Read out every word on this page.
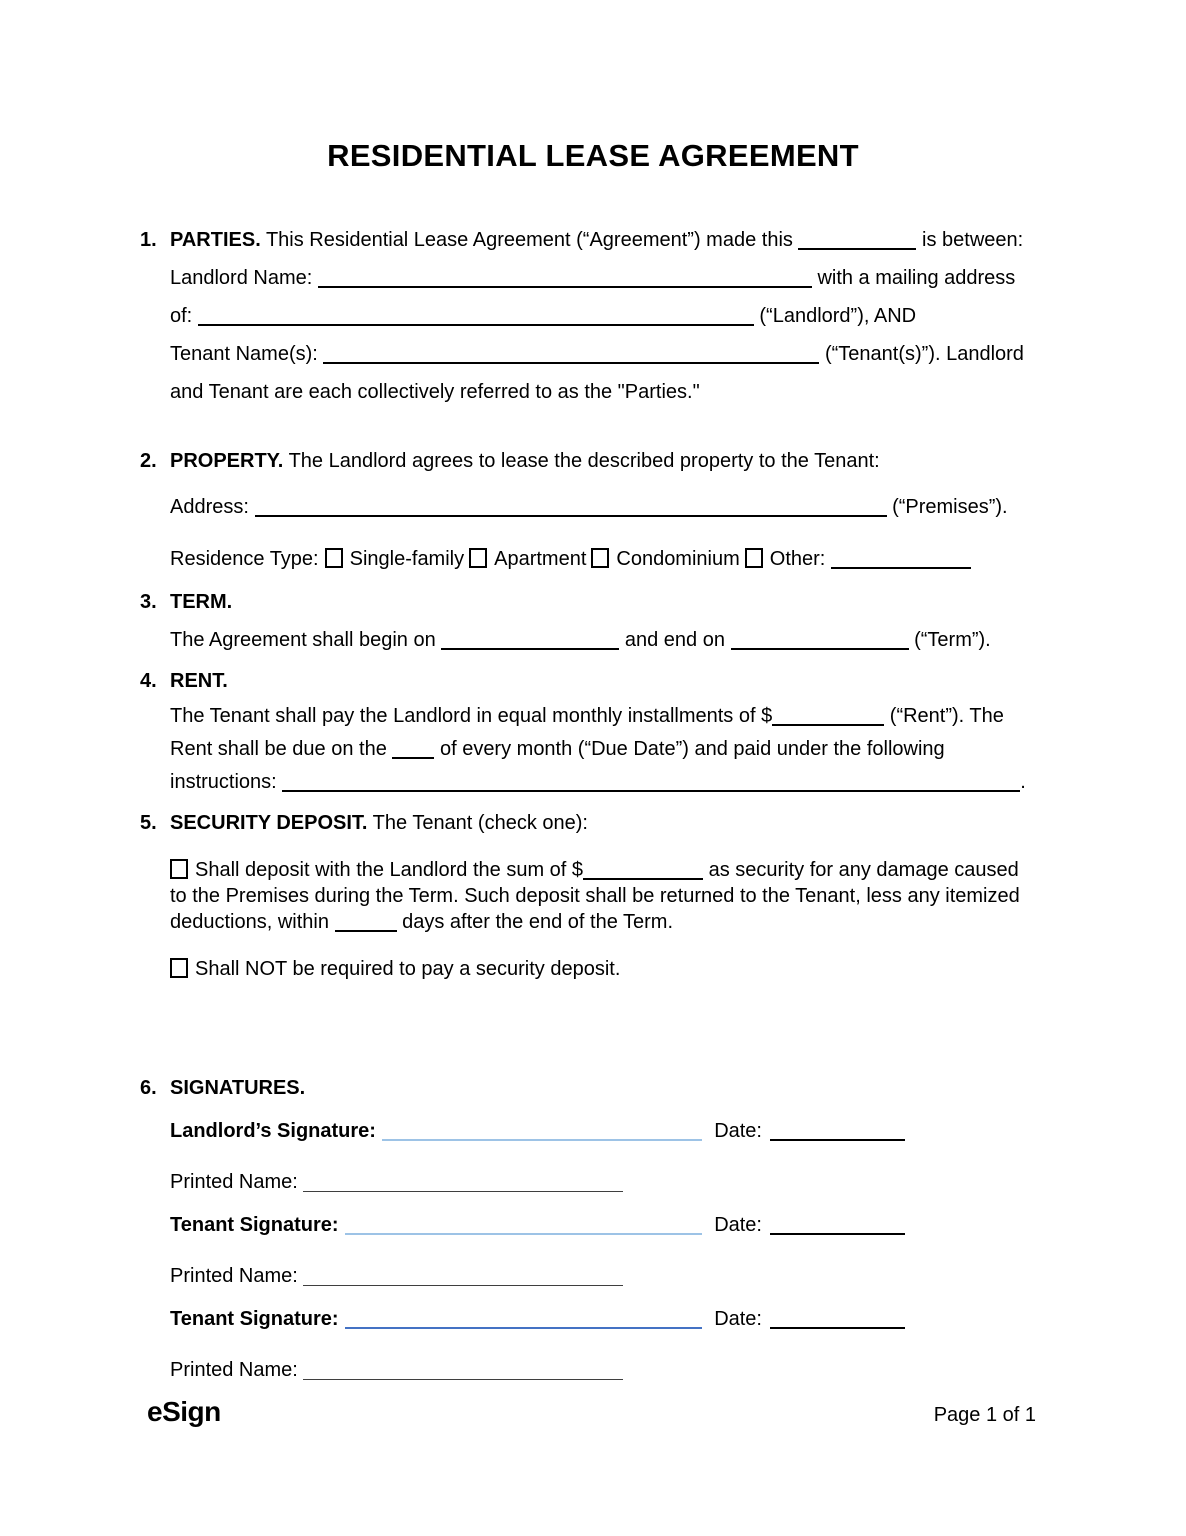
RESIDENTIAL LEASE AGREEMENT
1. PARTIES. This Residential Lease Agreement (“Agreement”) made this	is between:
Landlord Name:	with a mailing address
of:	(“Landlord”), AND
Tenant Name(s):	(“Tenant(s)”). Landlord
and Tenant are each collectively referred to as the "Parties."
2. PROPERTY. The Landlord agrees to lease the described property to the Tenant:
Address:	(“Premises”).
Residence Type: Single-family Apartment Condominium Other:
3. TERM.
The Agreement shall begin on	and end on	(“Term”).
4. RENT.
The Tenant shall pay the Landlord in equal monthly installments of $	(“Rent”). The
Rent shall be due on the	of every month (“Due Date”) and paid under the following
instructions:	.
5. SECURITY DEPOSIT. The Tenant (check one):
Shall deposit with the Landlord the sum of $	as security for any damage caused
to the Premises during the Term. Such deposit shall be returned to the Tenant, less any itemized
deductions, within	days after the end of the Term.
Shall NOT be required to pay a security deposit.
6. SIGNATURES.
Landlord’s Signature:	Date:
Printed Name:
Tenant Signature:	Date:
Printed Name:
Tenant Signature:	Date:
Printed Name:
eSign	Page 1 of 1
